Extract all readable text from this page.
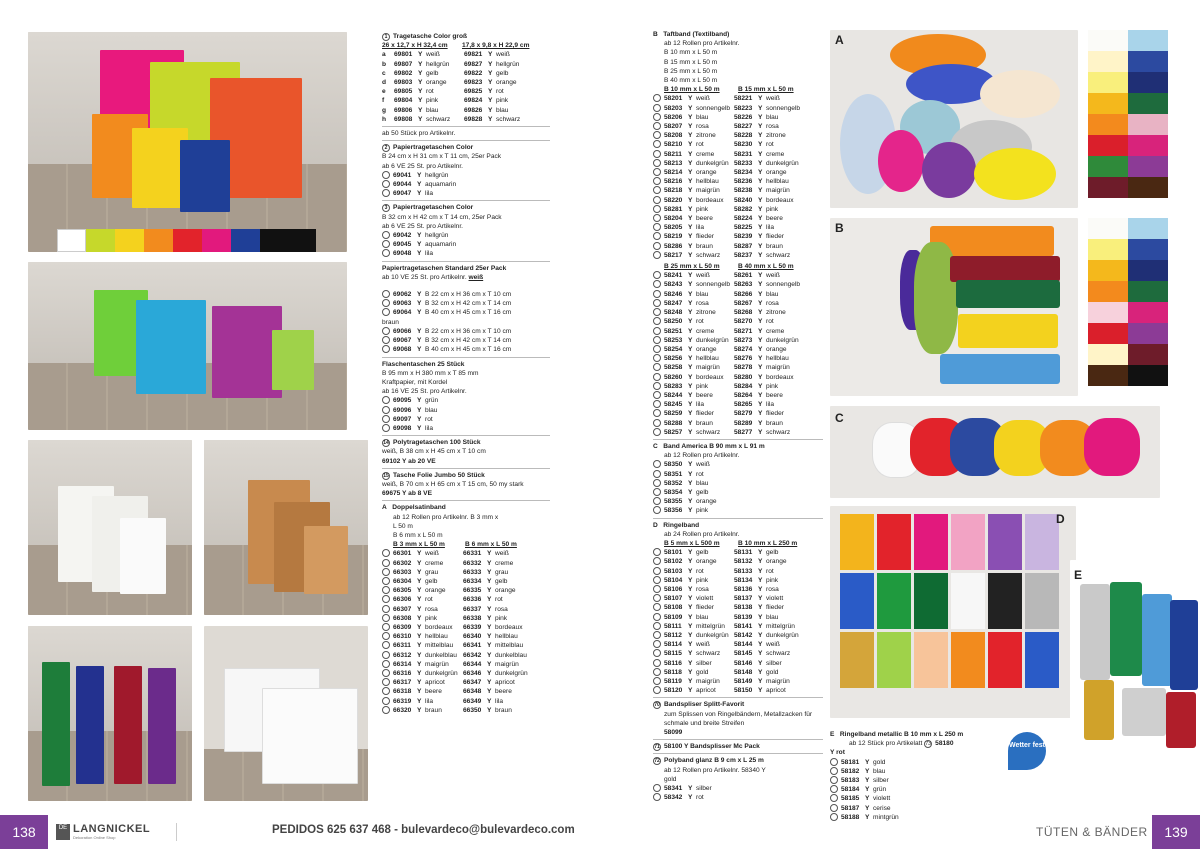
1 Tragetasche Color groß
26 x 12,7 x H 32,4 cm	17,8 x 9,8 x H 22,9 cm
a	69801 Y weiß	69821 Y weiß
b	69807 Y hellgrün	69827 Y hellgrün
c	69802 Y gelb	69822 Y gelb
d	69803 Y orange	69823 Y orange
e	69805 Y rot	69825 Y rot
f	69804 Y pink	69824 Y pink
g	69806 Y blau	69826 Y blau
h	69808 Y schwarz	69828 Y schwarz
ab 50 Stück pro Artikelnr.
2 Papiertragetaschen Color
B 24 cm x H 31 cm x T 11 cm, 25er Pack
ab 6 VE 25 St. pro Artikelnr.
69041 Y hellgrün
69044 Y aquamarin
69047 Y lila
3 Papiertragetaschen Color
B 32 cm x H 42 cm x T 14 cm, 25er Pack
ab 6 VE 25 St. pro Artikelnr.
69042 Y hellgrün
69045 Y aquamarin
69048 Y lila
Papiertragetaschen Standard 25er Pack
ab 10 VE 25 St. pro Artikelnr. weiß
69062 Y B 22 cm x H 36 cm x T 10 cm
69063 Y B 32 cm x H 42 cm x T 14 cm
69064 Y B 40 cm x H 45 cm x T 16 cm
braun
69066 Y B 22 cm x H 36 cm x T 10 cm
69067 Y B 32 cm x H 42 cm x T 14 cm
69068 Y B 40 cm x H 45 cm x T 16 cm
Flaschentaschen 25 Stück
B 95 mm x H 380 mm x T 85 mm
Kraftpapier, mit Kordel
ab 16 VE 25 St. pro Artikelnr.
69095 Y grün
69096 Y blau
69097 Y rot
69098 Y lila
14 Polytragetaschen 100 Stück
weiß, B 38 cm x H 45 cm x T 10 cm
69102 Y ab 20 VE
15 Tasche Folie Jumbo 50 Stück
weiß, B 70 cm x H 65 cm x T 15 cm, 50 my stark
69675 Y ab 8 VE
A   Doppelsatinband
ab 12 Rollen pro Artikelnr. B 3 mm x
L 50 m
B 6 mm x L 50 m
B 3 mm x L 50 m	B 6 mm x L 50 m
66301 Y weiß	66331 Y weiß
66302 Y creme	66332 Y creme
66303 Y grau	66333 Y grau
66304 Y gelb	66334 Y gelb
66305 Y orange	66335 Y orange
66306 Y rot	66336 Y rot
66307 Y rosa	66337 Y rosa
66308 Y pink	66338 Y pink
66309 Y bordeaux	66339 Y bordeaux
66310 Y hellblau	66340 Y hellblau
66311 Y mittelblau	66341 Y mittelblau
66312 Y dunkelblau 66342 Y dunkelblau
66314 Y maigrün	66344 Y maigrün
66316 Y dunkelgrün 66346 Y dunkelgrün
66317 Y apricot	66347 Y apricot
66318 Y beere	66348 Y beere
66319 Y lila	66349 Y lila
66320 Y braun	66350 Y braun
B   Taftband (Textilband)
ab 12 Rollen pro Artikelnr.
B 10 mm x L 50 m
B 15 mm x L 50 m
B 25 mm x L 50 m
B 40 mm x L 50 m
B 10 mm x L 50 m	B 15 mm x L 50 m
58201 Y weiß	58221 Y weiß
58203 Y sonnengelb 58223 Y sonnengelb
58206 Y blau	58226 Y blau
58207 Y rosa	58227 Y rosa
58208 Y zitrone	58228 Y zitrone
58210 Y rot	58230 Y rot
58211 Y creme	58231 Y creme
58213 Y dunkelgrün 58233 Y dunkelgrün
58214 Y orange	58234 Y orange
58216 Y hellblau	58236 Y hellblau
58218 Y maigrün	58238 Y maigrün
58220 Y bordeaux	58240 Y bordeaux
58281 Y pink	58282 Y pink
58204 Y beere	58224 Y beere
58205 Y lila	58225 Y lila
58219 Y flieder	58239 Y flieder
58286 Y braun	58287 Y braun
58217 Y schwarz	58237 Y schwarz
B 25 mm x L 50 m	B 40 mm x L 50 m
58241 Y weiß	58261 Y weiß
58243 Y sonnengelb 58263 Y sonnengelb
58246 Y blau	58266 Y blau
58247 Y rosa	58267 Y rosa
58248 Y zitrone	58268 Y zitrone
58250 Y rot	58270 Y rot
58251 Y creme	58271 Y creme
58253 Y dunkelgrün 58273 Y dunkelgrün
58254 Y orange	58274 Y orange
58256 Y hellblau	58276 Y hellblau
58258 Y maigrün	58278 Y maigrün
58260 Y bordeaux	58280 Y bordeaux
58283 Y pink	58284 Y pink
58244 Y beere	58264 Y beere
58245 Y lila	58265 Y lila
58259 Y flieder	58279 Y flieder
58288 Y braun	58289 Y braun
58257 Y schwarz	58277 Y schwarz
C   Band America B 90 mm x L 91 m
ab 12 Rollen pro Artikelnr.
58350 Y weiß
58351 Y rot
58352 Y blau
58354 Y gelb
58355 Y orange
58356 Y pink
D   Ringelband
ab 24 Rollen pro Artikelnr.
B 5 mm x L 500 m	B 10 mm x L 250 m
58101 Y gelb	58131 Y gelb
58102 Y orange	58132 Y orange
58103 Y rot	58133 Y rot
58104 Y pink	58134 Y pink
58106 Y rosa	58136 Y rosa
58107 Y violett	58137 Y violett
58108 Y flieder	58138 Y flieder
58109 Y blau	58139 Y blau
58111 Y mittelgrün	58141 Y mittelgrün
58112 Y dunkelgrün 58142 Y dunkelgrün
58114 Y weiß	58144 Y weiß
58115 Y schwarz	58145 Y schwarz
58116 Y silber	58146 Y silber
58118 Y gold	58148 Y gold
58119 Y maigrün	58149 Y maigrün
58120 Y apricot	58150 Y apricot
70 Bandspliser Splitt-Favorit
zum Splissen von Ringelbändern, Metallzacken für
schmale und breite Streifen
58099
71 58100 Y Bandsplisser Mc Pack
72 Polyband glanz B 9 cm x L 25 m
ab 12 Rollen pro Artikelnr. 58340 Y
gold
58341 Y silber
58342 Y rot
A
B
C
D
E
Wetter fest
E   Ringelband metallic B 10 mm x L 250 m
ab 12 Stück pro Artikelatt 73 58180
Y rot
58181 Y gold
58182 Y blau
58183 Y silber
58184 Y grün
58185 Y violett
58187 Y cerise
58188 Y mintgrün
138	DE LANGNICKEL
Dekoration Online Shop
PEDIDOS 625 637 468 - bulevardeco@bulevardeco.com	TÜTEN & BÄNDER	139
